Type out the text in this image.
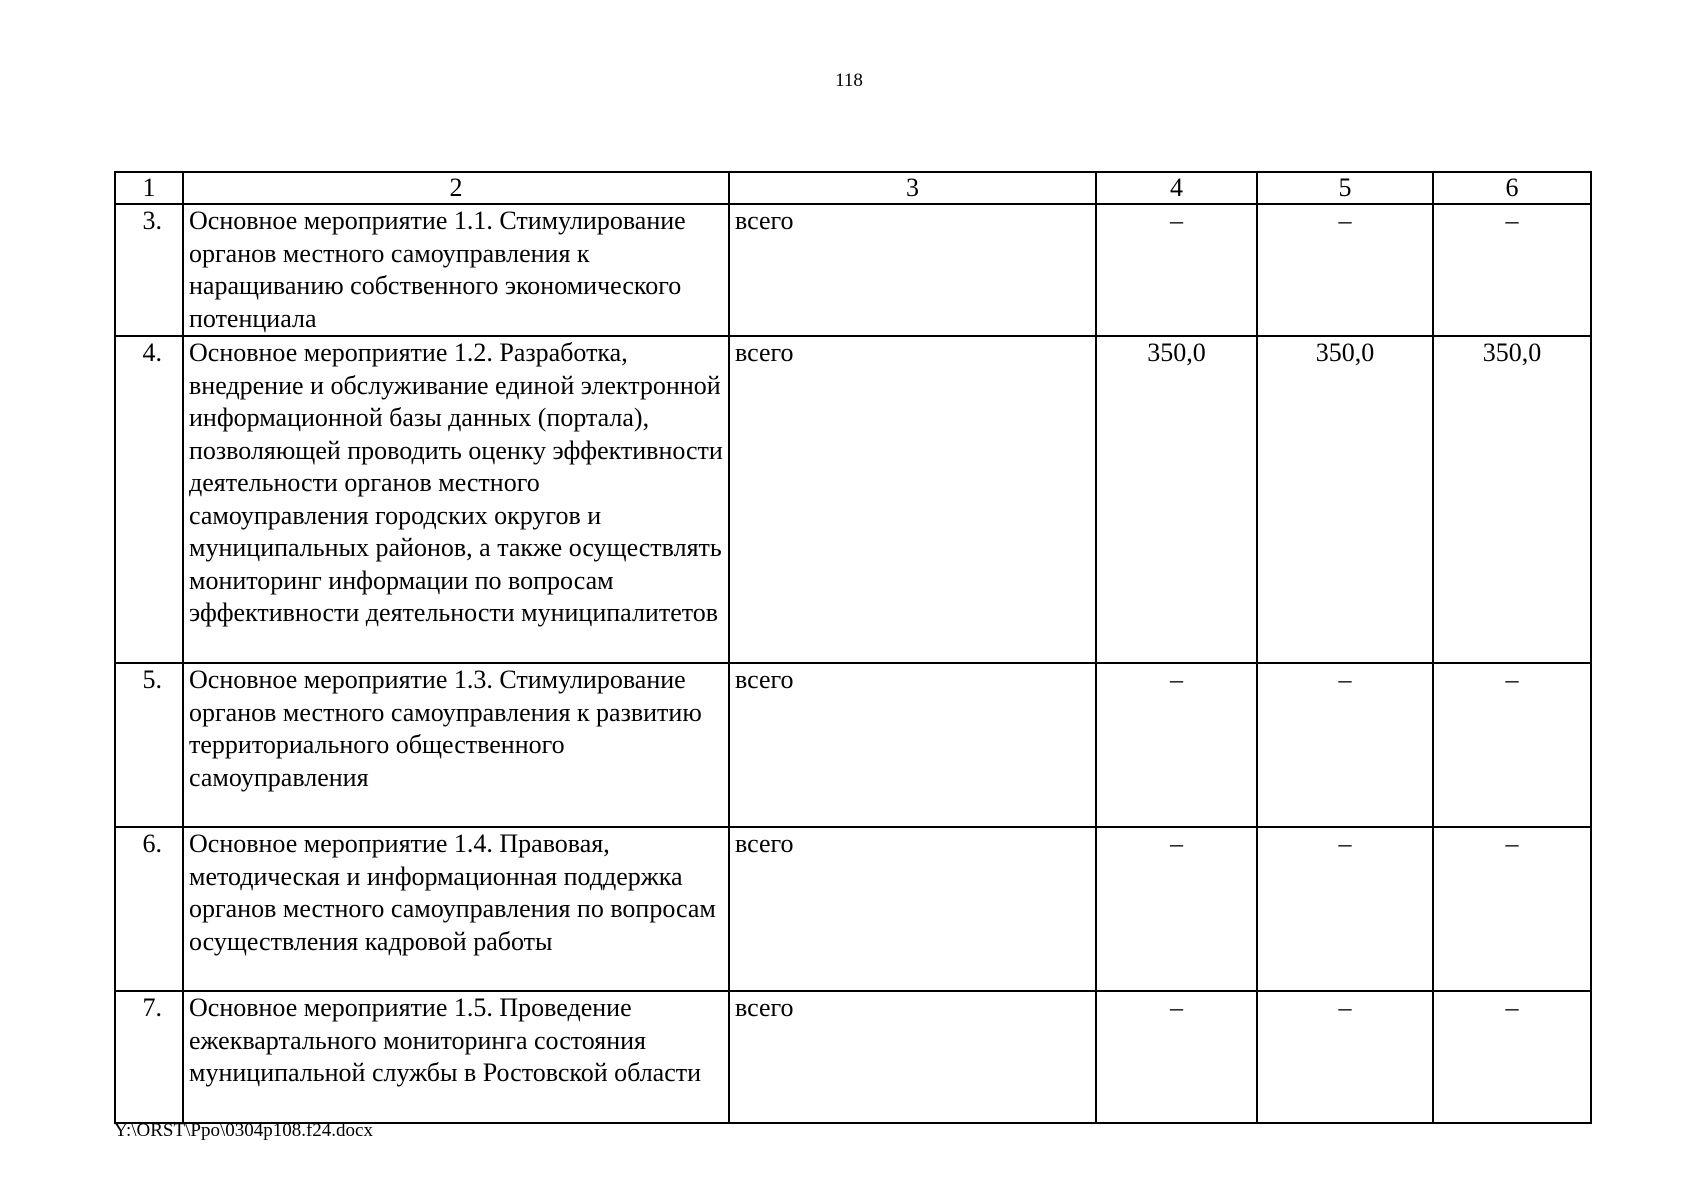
118
1	2	3	4	5	6
3.	Основное мероприятие 1.1. Стимулирование органов местного самоуправления к наращиванию собственного экономического потенциала	всего	–	–	–
4.	Основное мероприятие 1.2. Разработка, внедрение и обслуживание единой электронной информационной базы данных (портала), позволяющей проводить оценку эффективности деятельности органов местного самоуправления городских округов и муниципальных районов, а также осуществлять мониторинг информации по вопросам эффективности деятельности муниципалитетов	всего	350,0	350,0	350,0
5.	Основное мероприятие 1.3. Стимулирование органов местного самоуправления к развитию территориального общественного самоуправления	всего	–	–	–
6.	Основное мероприятие 1.4. Правовая, методическая и информационная поддержка органов местного самоуправления по вопросам осуществления кадровой работы	всего	–	–	–
7.	Основное мероприятие 1.5. Проведение ежеквартального мониторинга состояния муниципальной службы в Ростовской области	всего	–	–	–
Y:\ORST\Ppo\0304p108.f24.docx
